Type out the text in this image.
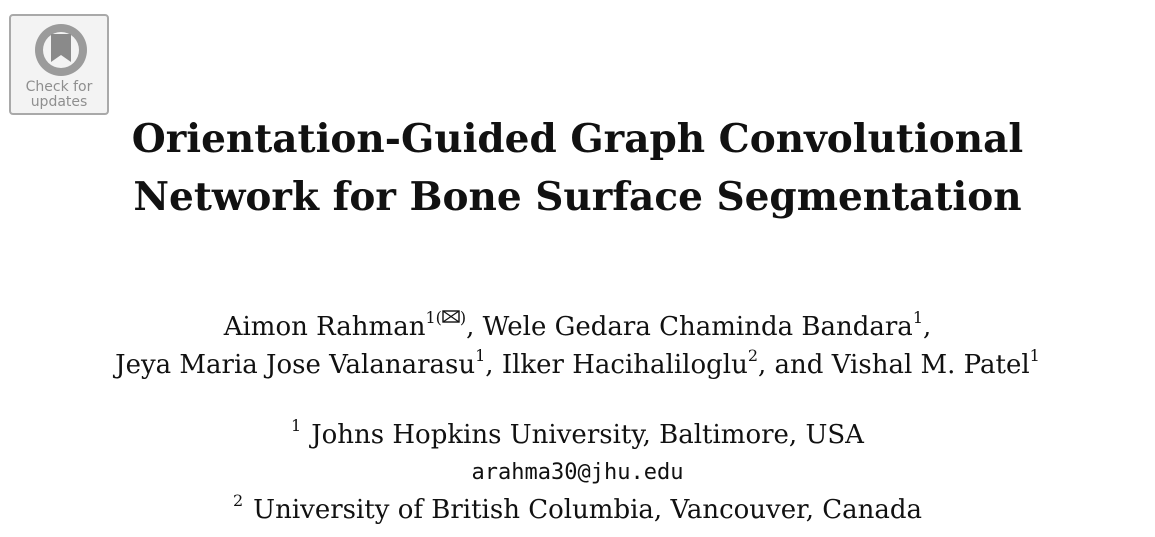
Check for
updates
Orientation-Guided Graph Convolutional
Network for Bone Surface Segmentation
Aimon Rahman$^{1( )}$, Wele Gedara Chaminda Bandara$^1$,
Jeya Maria Jose Valanarasu$^1$, Ilker Hacihaliloglu$^2$, and Vishal M. Patel$^1$
$^1$ Johns Hopkins University, Baltimore, USA
arahma30@jhu.edu
$^2$ University of British Columbia, Vancouver, Canada
